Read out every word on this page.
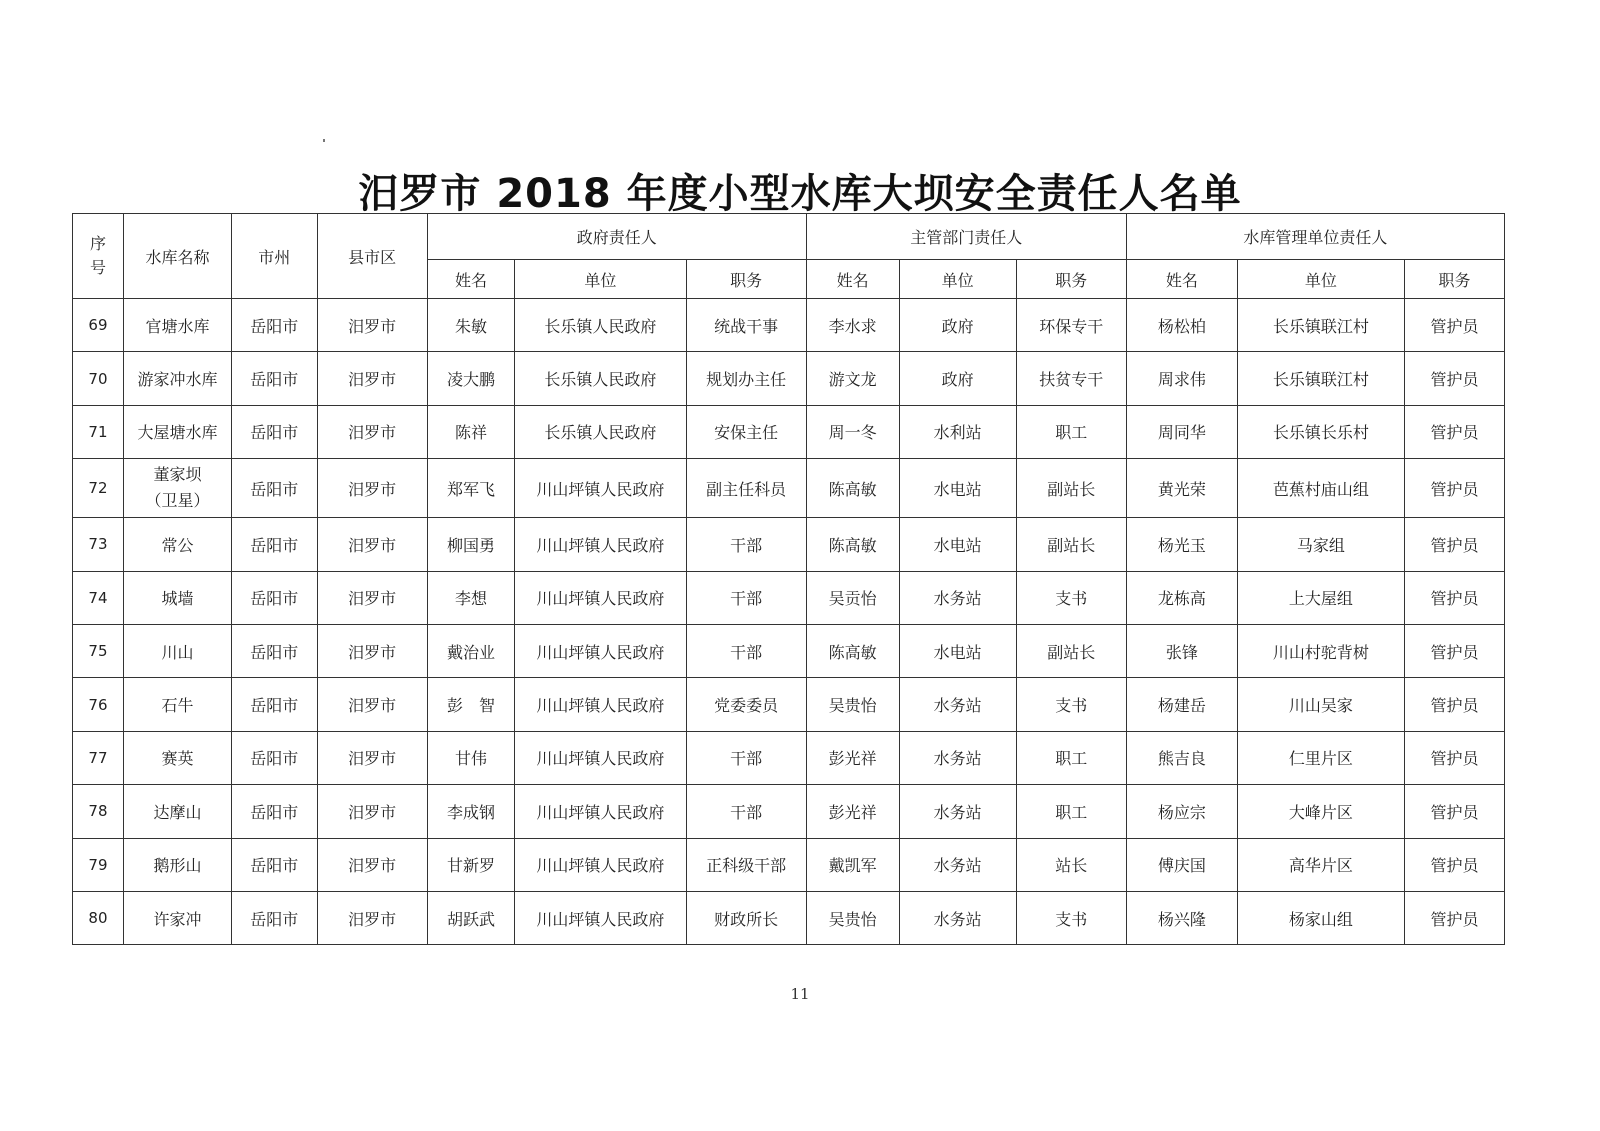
汨罗市 2018 年度小型水库大坝安全责任人名单
序号	水库名称	市州	县市区	政府责任人			主管部门责任人			水库管理单位责任人		
				姓名	单位	职务	姓名	单位	职务	姓名	单位	职务
69	官塘水库	岳阳市	汨罗市	朱敏	长乐镇人民政府	统战干事	李水求	政府	环保专干	杨松柏	长乐镇联江村	管护员
70	游家冲水库	岳阳市	汨罗市	凌大鹏	长乐镇人民政府	规划办主任	游文龙	政府	扶贫专干	周求伟	长乐镇联江村	管护员
71	大屋塘水库	岳阳市	汨罗市	陈祥	长乐镇人民政府	安保主任	周一冬	水利站	职工	周同华	长乐镇长乐村	管护员
72	董家坝（卫星）	岳阳市	汨罗市	郑军飞	川山坪镇人民政府	副主任科员	陈高敏	水电站	副站长	黄光荣	芭蕉村庙山组	管护员
73	常公	岳阳市	汨罗市	柳国勇	川山坪镇人民政府	干部	陈高敏	水电站	副站长	杨光玉	马家组	管护员
74	城墙	岳阳市	汨罗市	李想	川山坪镇人民政府	干部	吴贡怡	水务站	支书	龙栋高	上大屋组	管护员
75	川山	岳阳市	汨罗市	戴治业	川山坪镇人民政府	干部	陈高敏	水电站	副站长	张锋	川山村驼背树	管护员
76	石牛	岳阳市	汨罗市	彭　智	川山坪镇人民政府	党委委员	吴贵怡	水务站	支书	杨建岳	川山吴家	管护员
77	赛英	岳阳市	汨罗市	甘伟	川山坪镇人民政府	干部	彭光祥	水务站	职工	熊吉良	仁里片区	管护员
78	达摩山	岳阳市	汨罗市	李成钢	川山坪镇人民政府	干部	彭光祥	水务站	职工	杨应宗	大峰片区	管护员
79	鹅形山	岳阳市	汨罗市	甘新罗	川山坪镇人民政府	正科级干部	戴凯军	水务站	站长	傅庆国	高华片区	管护员
80	许家冲	岳阳市	汨罗市	胡跃武	川山坪镇人民政府	财政所长	吴贵怡	水务站	支书	杨兴隆	杨家山组	管护员
11
